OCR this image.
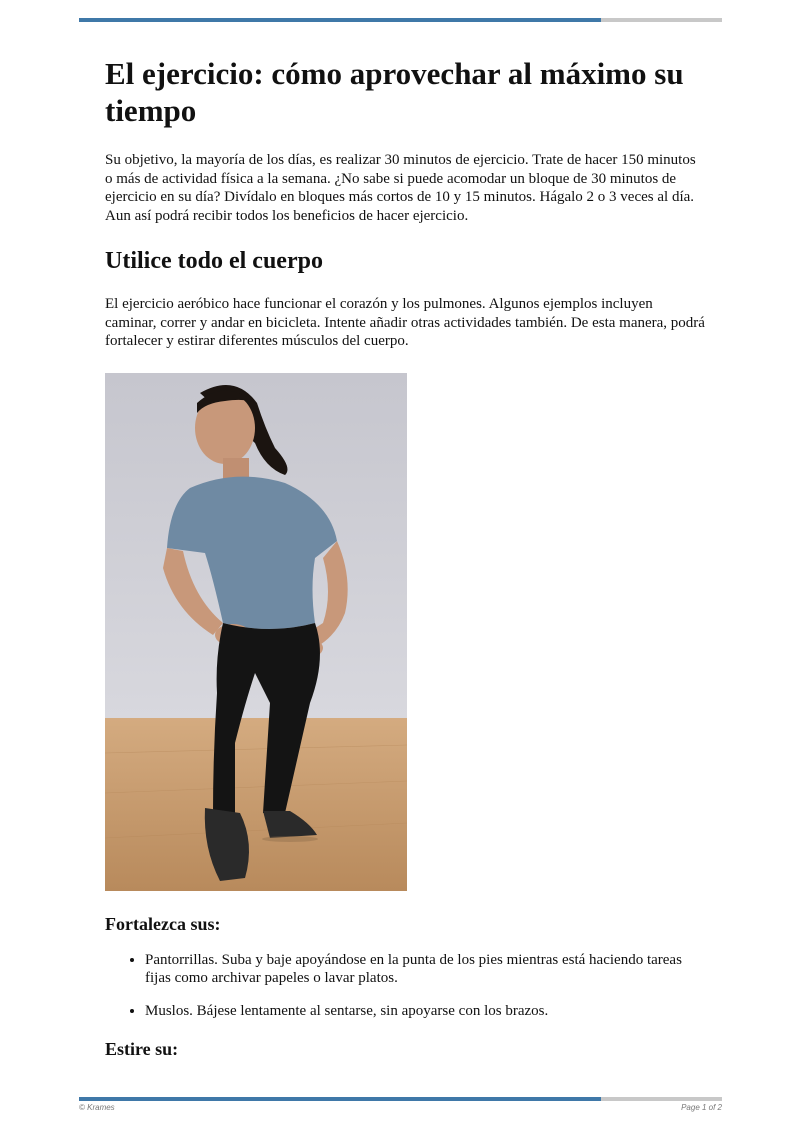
El ejercicio: cómo aprovechar al máximo su tiempo

Su objetivo, la mayoría de los días, es realizar 30 minutos de ejercicio. Trate de hacer 150 minutos o más de actividad física a la semana. ¿No sabe si puede acomodar un bloque de 30 minutos de ejercicio en su día? Divídalo en bloques más cortos de 10 y 15 minutos. Hágalo 2 o 3 veces al día. Aun así podrá recibir todos los beneficios de hacer ejercicio.

Utilice todo el cuerpo

El ejercicio aeróbico hace funcionar el corazón y los pulmones. Algunos ejemplos incluyen caminar, correr y andar en bicicleta. Intente añadir otras actividades también. De esta manera, podrá fortalecer y estirar diferentes músculos del cuerpo.

Fortalezca sus:
• Pantorrillas. Suba y baje apoyándose en la punta de los pies mientras está haciendo tareas fijas como archivar papeles o lavar platos.
• Muslos. Bájese lentamente al sentarse, sin apoyarse con los brazos.
Estire su:
© Krames	Page 1 of 2
